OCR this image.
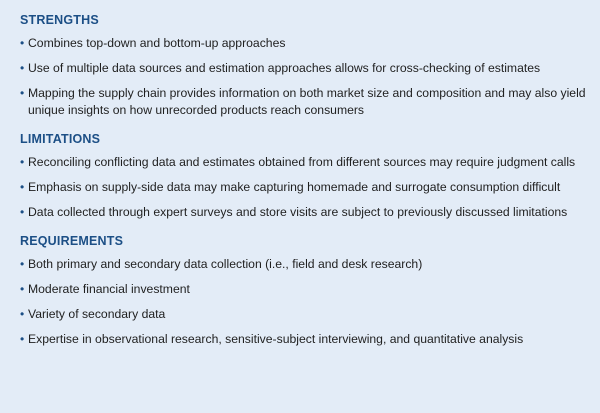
STRENGTHS
• Combines top-down and bottom-up approaches
• Use of multiple data sources and estimation approaches allows for cross-checking of estimates
• Mapping the supply chain provides information on both market size and composition and may also yield unique insights on how unrecorded products reach consumers
LIMITATIONS
• Reconciling conflicting data and estimates obtained from different sources may require judgment calls
• Emphasis on supply-side data may make capturing homemade and surrogate consumption difficult
• Data collected through expert surveys and store visits are subject to previously discussed limitations
REQUIREMENTS
• Both primary and secondary data collection (i.e., field and desk research)
• Moderate financial investment
• Variety of secondary data
• Expertise in observational research, sensitive-subject interviewing, and quantitative analysis
